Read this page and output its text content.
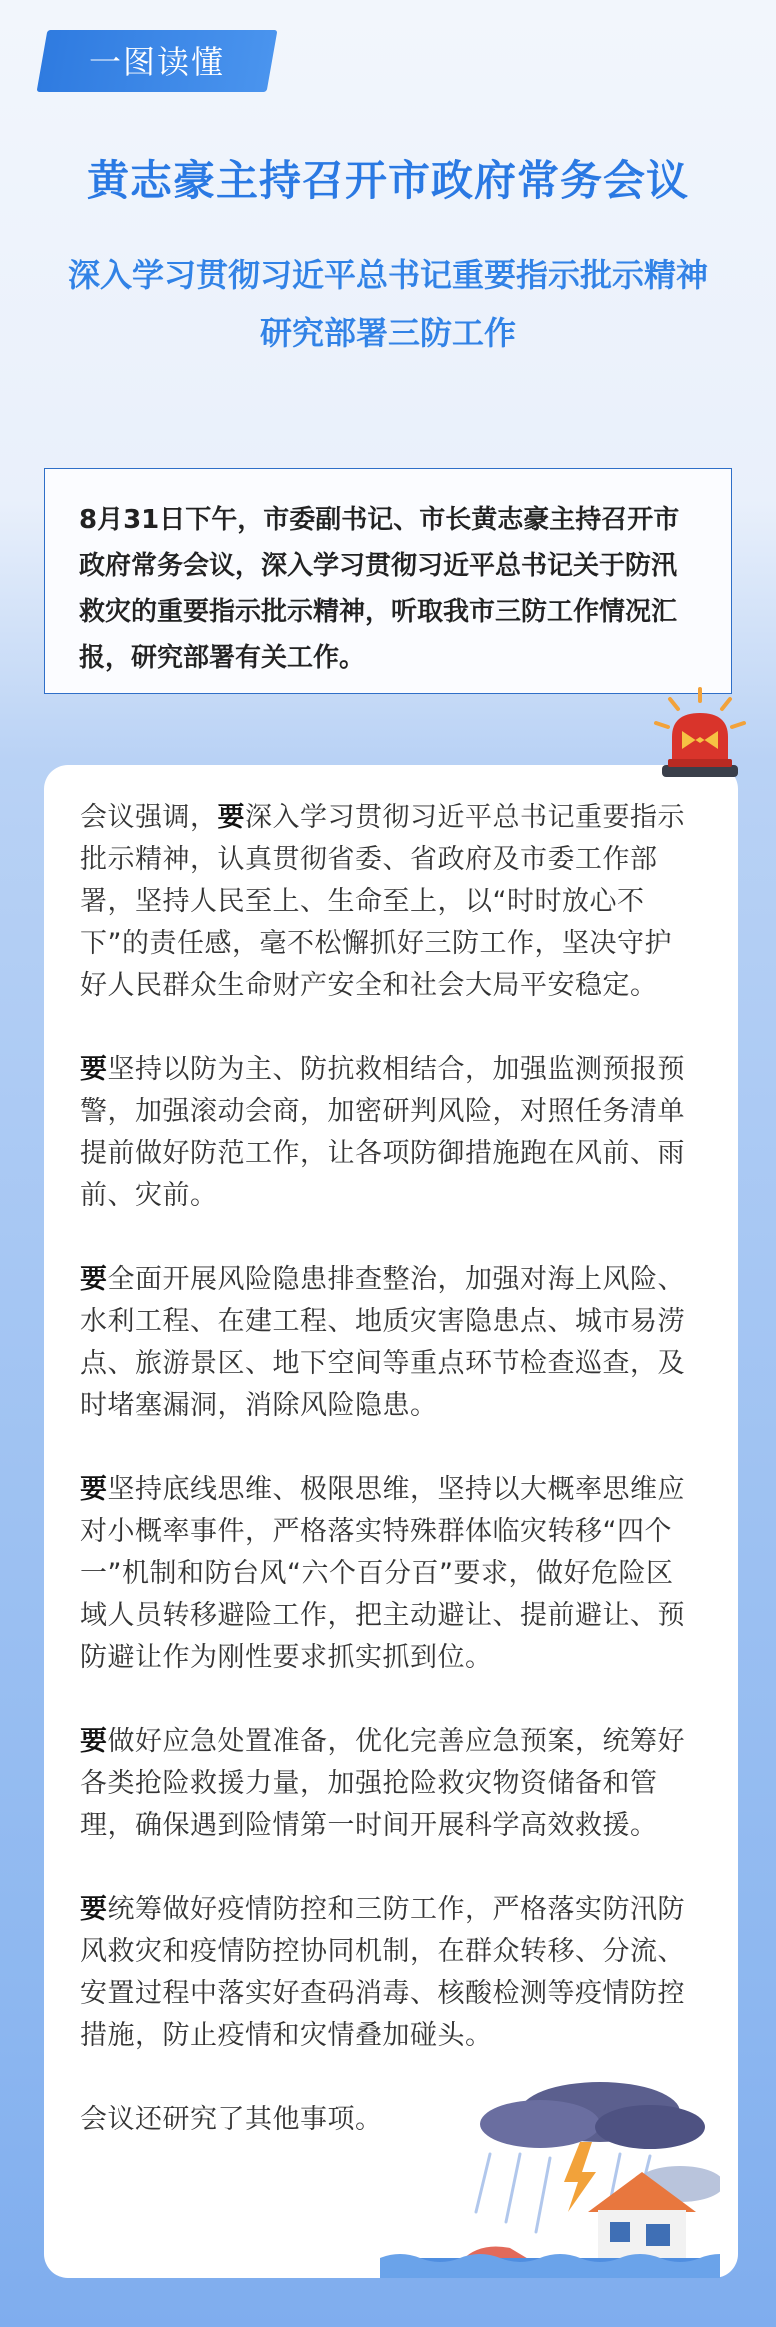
一图读懂
黄志豪主持召开市政府常务会议
深入学习贯彻习近平总书记重要指示批示精神
研究部署三防工作

8月31日下午，市委副书记、市长黄志豪主持召开市政府常务会议，深入学习贯彻习近平总书记关于防汛救灾的重要指示批示精神，听取我市三防工作情况汇报，研究部署有关工作。

会议强调，要深入学习贯彻习近平总书记重要指示批示精神，认真贯彻省委、省政府及市委工作部署，坚持人民至上、生命至上，以“时时放心不下”的责任感，毫不松懈抓好三防工作，坚决守护好人民群众生命财产安全和社会大局平安稳定。

要坚持以防为主、防抗救相结合，加强监测预报预警，加强滚动会商，加密研判风险，对照任务清单提前做好防范工作，让各项防御措施跑在风前、雨前、灾前。

要全面开展风险隐患排查整治，加强对海上风险、水利工程、在建工程、地质灾害隐患点、城市易涝点、旅游景区、地下空间等重点环节检查巡查，及时堵塞漏洞，消除风险隐患。

要坚持底线思维、极限思维，坚持以大概率思维应对小概率事件，严格落实特殊群体临灾转移“四个一”机制和防台风“六个百分百”要求，做好危险区域人员转移避险工作，把主动避让、提前避让、预防避让作为刚性要求抓实抓到位。

要做好应急处置准备，优化完善应急预案，统筹好各类抢险救援力量，加强抢险救灾物资储备和管理，确保遇到险情第一时间开展科学高效救援。

要统筹做好疫情防控和三防工作，严格落实防汛防风救灾和疫情防控协同机制，在群众转移、分流、安置过程中落实好查码消毒、核酸检测等疫情防控措施，防止疫情和灾情叠加碰头。

会议还研究了其他事项。
